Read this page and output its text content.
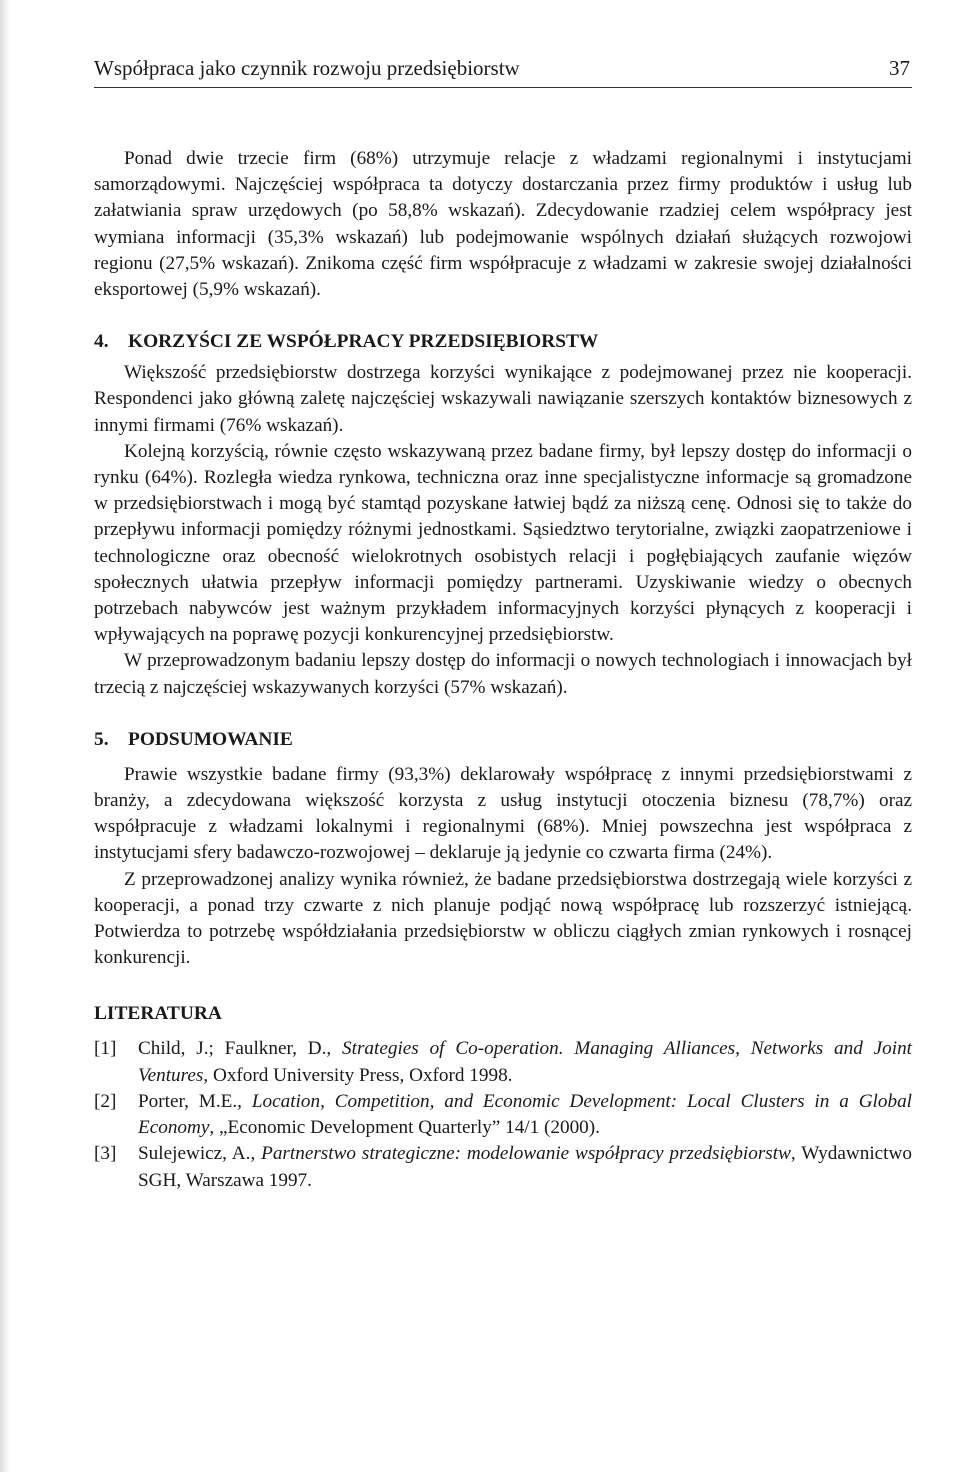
Współpraca jako czynnik rozwoju przedsiębiorstw	37

Ponad dwie trzecie firm (68%) utrzymuje relacje z władzami regionalnymi i instytucjami samorządowymi. Najczęściej współpraca ta dotyczy dostarczania przez firmy produktów i usług lub załatwiania spraw urzędowych (po 58,8% wskazań). Zdecydowanie rzadziej celem współpracy jest wymiana informacji (35,3% wskazań) lub podejmowanie wspólnych działań służących rozwojowi regionu (27,5% wskazań). Znikoma część firm współpracuje z władzami w zakresie swojej działalności eksportowej (5,9% wskazań).

4. KORZYŚCI ZE WSPÓŁPRACY PRZEDSIĘBIORSTW

Większość przedsiębiorstw dostrzega korzyści wynikające z podejmowanej przez nie kooperacji. Respondenci jako główną zaletę najczęściej wskazywali nawiązanie szerszych kontaktów biznesowych z innymi firmami (76% wskazań).

Kolejną korzyścią, równie często wskazywaną przez badane firmy, był lepszy dostęp do informacji o rynku (64%). Rozległa wiedza rynkowa, techniczna oraz inne specjalistyczne informacje są gromadzone w przedsiębiorstwach i mogą być stamtąd pozyskane łatwiej bądź za niższą cenę. Odnosi się to także do przepływu informacji pomiędzy różnymi jednostkami. Sąsiedztwo terytorialne, związki zaopatrzeniowe i technologiczne oraz obecność wielokrotnych osobistych relacji i pogłębiających zaufanie więzów społecznych ułatwia przepływ informacji pomiędzy partnerami. Uzyskiwanie wiedzy o obecnych potrzebach nabywców jest ważnym przykładem informacyjnych korzyści płynących z kooperacji i wpływających na poprawę pozycji konkurencyjnej przedsiębiorstw.

W przeprowadzonym badaniu lepszy dostęp do informacji o nowych technologiach i innowacjach był trzecią z najczęściej wskazywanych korzyści (57% wskazań).

5. PODSUMOWANIE

Prawie wszystkie badane firmy (93,3%) deklarowały współpracę z innymi przedsiębiorstwami z branży, a zdecydowana większość korzysta z usług instytucji otoczenia biznesu (78,7%) oraz współpracuje z władzami lokalnymi i regionalnymi (68%). Mniej powszechna jest współpraca z instytucjami sfery badawczo-rozwojowej – deklaruje ją jedynie co czwarta firma (24%).

Z przeprowadzonej analizy wynika również, że badane przedsiębiorstwa dostrzegają wiele korzyści z kooperacji, a ponad trzy czwarte z nich planuje podjąć nową współpracę lub rozszerzyć istniejącą. Potwierdza to potrzebę współdziałania przedsiębiorstw w obliczu ciągłych zmian rynkowych i rosnącej konkurencji.

LITERATURA
[1]	Child, J.; Faulkner, D., Strategies of Co-operation. Managing Alliances, Networks and Joint Ventures, Oxford University Press, Oxford 1998.
[2]	Porter, M.E., Location, Competition, and Economic Development: Local Clusters in a Global Economy, „Economic Development Quarterly” 14/1 (2000).
[3]	Sulejewicz, A., Partnerstwo strategiczne: modelowanie współpracy przedsiębiorstw, Wydawnictwo SGH, Warszawa 1997.
